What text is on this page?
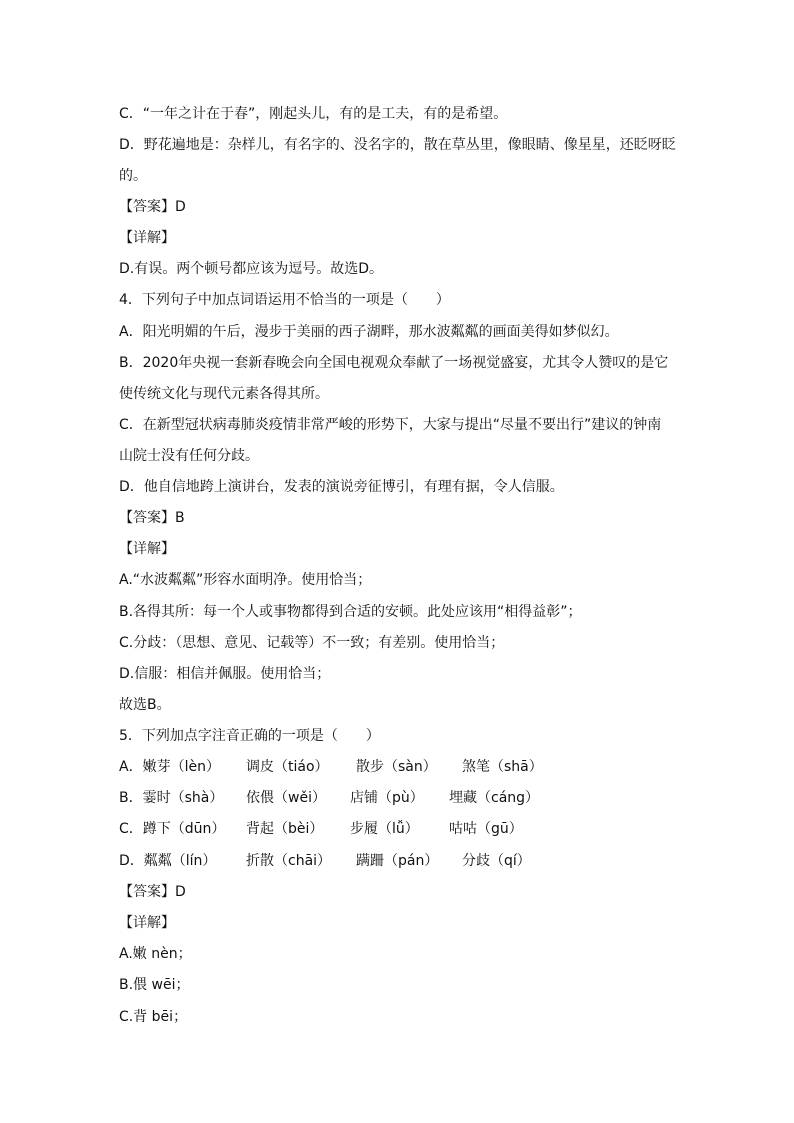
C．“一年之计在于春”，刚起头儿，有的是工夫，有的是希望。
D．野花遍地是：杂样儿，有名字的、没名字的，散在草丛里，像眼睛、像星星，还眨呀眨
的。
【答案】D
【详解】
D.有误。两个顿号都应该为逗号。故选D。
4．下列句子中加点词语运用不恰当的一项是（　　）
A．阳光明媚的午后，漫步于美丽的西子湖畔，那水波粼粼的画面美得如梦似幻。
B．2020年央视一套新春晚会向全国电视观众奉献了一场视觉盛宴，尤其令人赞叹的是它
使传统文化与现代元素各得其所。
C．在新型冠状病毒肺炎疫情非常严峻的形势下，大家与提出“尽量不要出行”建议的钟南
山院士没有任何分歧。
D．他自信地跨上演讲台，发表的演说旁征博引，有理有据，令人信服。
【答案】B
【详解】
A.“水波粼粼”形容水面明净。使用恰当；
B.各得其所：每一个人或事物都得到合适的安顿。此处应该用“相得益彰”；
C.分歧：（思想、意见、记载等）不一致；有差别。使用恰当；
D.信服：相信并佩服。使用恰当；
故选B。
5．下列加点字注音正确的一项是（　　）
A．嫩芽（lèn） 调皮（tiáo） 散步（sàn） 煞笔（shā）
B．霎时（shà） 依偎（wěi） 店铺（pù） 埋藏（cáng）
C．蹲下（dūn） 背起（bèi） 步履（lǚ） 咕咕（gū）
D．粼粼（lín） 折散（chāi） 蹒跚（pán） 分歧（qí）
【答案】D
【详解】
A.嫩 nèn；
B.偎 wēi；
C.背 bēi；
